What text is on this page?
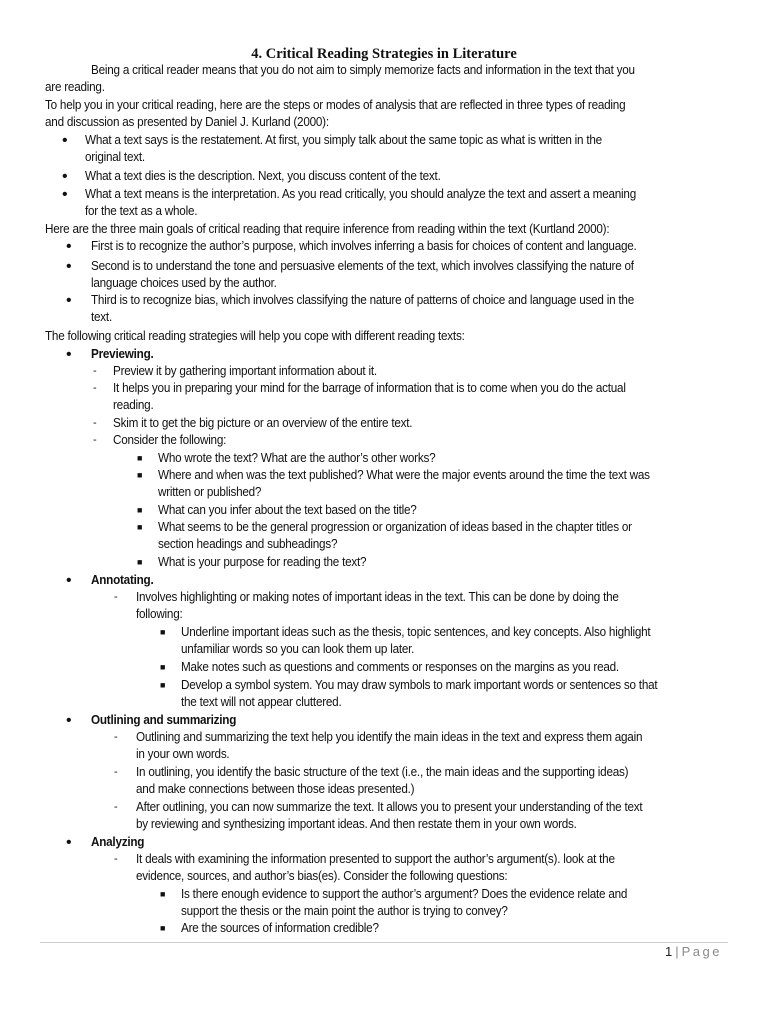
4. Critical Reading Strategies in Literature
Being a critical reader means that you do not aim to simply memorize facts and information in the text that you
are reading.
To help you in your critical reading, here are the steps or modes of analysis that are reflected in three types of reading
and discussion as presented by Daniel J. Kurland (2000):
• What a text says is the restatement. At first, you simply talk about the same topic as what is written in the
original text.
• What a text dies is the description. Next, you discuss content of the text.
• What a text means is the interpretation. As you read critically, you should analyze the text and assert a meaning
for the text as a whole.
Here are the three main goals of critical reading that require inference from reading within the text (Kurtland 2000):
• First is to recognize the author’s purpose, which involves inferring a basis for choices of content and language.
• Second is to understand the tone and persuasive elements of the text, which involves classifying the nature of
language choices used by the author.
• Third is to recognize bias, which involves classifying the nature of patterns of choice and language used in the
text.
The following critical reading strategies will help you cope with different reading texts:
• Previewing.
- Preview it by gathering important information about it.
- It helps you in preparing your mind for the barrage of information that is to come when you do the actual
reading.
- Skim it to get the big picture or an overview of the entire text.
- Consider the following:
■ Who wrote the text? What are the author’s other works?
■ Where and when was the text published? What were the major events around the time the text was
written or published?
■ What can you infer about the text based on the title?
■ What seems to be the general progression or organization of ideas based in the chapter titles or
section headings and subheadings?
■ What is your purpose for reading the text?
• Annotating.
- Involves highlighting or making notes of important ideas in the text. This can be done by doing the
following:
■ Underline important ideas such as the thesis, topic sentences, and key concepts. Also highlight
unfamiliar words so you can look them up later.
■ Make notes such as questions and comments or responses on the margins as you read.
■ Develop a symbol system. You may draw symbols to mark important words or sentences so that
the text will not appear cluttered.
• Outlining and summarizing
- Outlining and summarizing the text help you identify the main ideas in the text and express them again
in your own words.
- In outlining, you identify the basic structure of the text (i.e., the main ideas and the supporting ideas)
and make connections between those ideas presented.)
- After outlining, you can now summarize the text. It allows you to present your understanding of the text
by reviewing and synthesizing important ideas. And then restate them in your own words.
• Analyzing
- It deals with examining the information presented to support the author’s argument(s). look at the
evidence, sources, and author’s bias(es). Consider the following questions:
■ Is there enough evidence to support the author’s argument? Does the evidence relate and
support the thesis or the main point the author is trying to convey?
■ Are the sources of information credible?
1 | Page
